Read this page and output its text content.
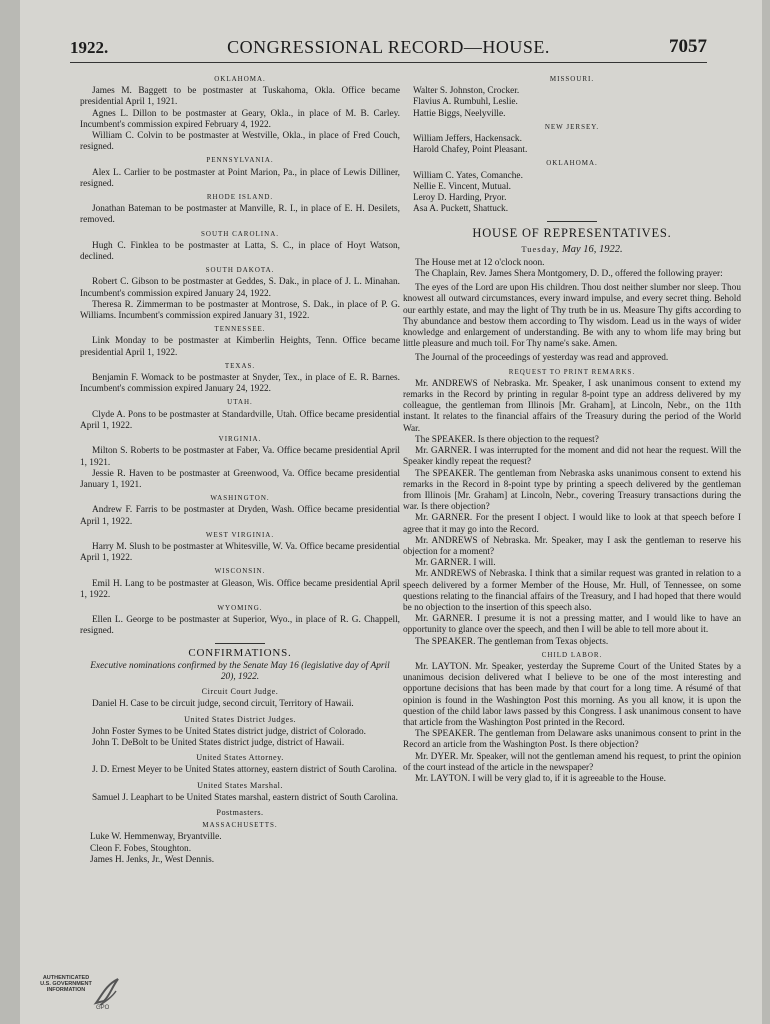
1922.	CONGRESSIONAL RECORD—HOUSE.	7057
OKLAHOMA.

James M. Baggett to be postmaster at Tuskahoma, Okla. Office became presidential April 1, 1921.

Agnes L. Dillon to be postmaster at Geary, Okla., in place of M. B. Carley. Incumbent's commission expired February 4, 1922.

William C. Colvin to be postmaster at Westville, Okla., in place of Fred Couch, resigned.

PENNSYLVANIA.

Alex L. Carlier to be postmaster at Point Marion, Pa., in place of Lewis Dilliner, resigned.

RHODE ISLAND.

Jonathan Bateman to be postmaster at Manville, R. I., in place of E. H. Desilets, removed.

SOUTH CAROLINA.

Hugh C. Finklea to be postmaster at Latta, S. C., in place of Hoyt Watson, declined.

SOUTH DAKOTA.

Robert C. Gibson to be postmaster at Geddes, S. Dak., in place of J. L. Minahan. Incumbent's commission expired January 24, 1922.

Theresa R. Zimmerman to be postmaster at Montrose, S. Dak., in place of P. G. Williams. Incumbent's commission expired January 31, 1922.

TENNESSEE.

Link Monday to be postmaster at Kimberlin Heights, Tenn. Office became presidential April 1, 1922.

TEXAS.

Benjamin F. Womack to be postmaster at Snyder, Tex., in place of E. R. Barnes. Incumbent's commission expired January 24, 1922.

UTAH.

Clyde A. Pons to be postmaster at Standardville, Utah. Office became presidential April 1, 1922.

VIRGINIA.

Milton S. Roberts to be postmaster at Faber, Va. Office became presidential April 1, 1921.

Jessie R. Haven to be postmaster at Greenwood, Va. Office became presidential January 1, 1921.

WASHINGTON.

Andrew F. Farris to be postmaster at Dryden, Wash. Office became presidential April 1, 1922.

WEST VIRGINIA.

Harry M. Slush to be postmaster at Whitesville, W. Va. Office became presidential April 1, 1922.

WISCONSIN.

Emil H. Lang to be postmaster at Gleason, Wis. Office became presidential April 1, 1922.

WYOMING.

Ellen L. George to be postmaster at Superior, Wyo., in place of R. G. Chappell, resigned.

CONFIRMATIONS.
Executive nominations confirmed by the Senate May 16 (legislative day of April 20), 1922.
Circuit Court Judge.

Daniel H. Case to be circuit judge, second circuit, Territory of Hawaii.

United States District Judges.

John Foster Symes to be United States district judge, district of Colorado.

John T. DeBolt to be United States district judge, district of Hawaii.

United States Attorney.

J. D. Ernest Meyer to be United States attorney, eastern district of South Carolina.

United States Marshal.

Samuel J. Leaphart to be United States marshal, eastern district of South Carolina.

Postmasters.
MASSACHUSETTS.

Luke W. Hemmenway, Bryantville.

Cleon F. Fobes, Stoughton.

James H. Jenks, Jr., West Dennis.

MISSOURI.

Walter S. Johnston, Crocker.

Flavius A. Rumbuhl, Leslie.

Hattie Biggs, Neelyville.

NEW JERSEY.

William Jeffers, Hackensack.

Harold Chafey, Point Pleasant.

OKLAHOMA.

William C. Yates, Comanche.

Nellie E. Vincent, Mutual.

Leroy D. Harding, Pryor.

Asa A. Puckett, Shattuck.

HOUSE OF REPRESENTATIVES.
Tuesday, May 16, 1922.

The House met at 12 o'clock noon.

The Chaplain, Rev. James Shera Montgomery, D. D., offered the following prayer:

The eyes of the Lord are upon His children. Thou dost neither slumber nor sleep. Thou knowest all outward circumstances, every inward impulse, and every secret thing. Behold our earthly estate, and may the light of Thy truth be in us. Measure Thy gifts according to Thy abundance and bestow them according to Thy wisdom. Lead us in the ways of wider knowledge and enlargement of understanding. Be with any to whom life may bring but little pleasure and much toil. For Thy name's sake. Amen.

The Journal of the proceedings of yesterday was read and approved.

REQUEST TO PRINT REMARKS.

Mr. ANDREWS of Nebraska. Mr. Speaker, I ask unanimous consent to extend my remarks in the Record by printing in regular 8-point type an address delivered by my colleague, the gentleman from Illinois [Mr. Graham], at Lincoln, Nebr., on the 11th instant. It relates to the financial affairs of the Treasury during the period of the World War.

The SPEAKER. Is there objection to the request?

Mr. GARNER. I was interrupted for the moment and did not hear the request. Will the Speaker kindly repeat the request?

The SPEAKER. The gentleman from Nebraska asks unanimous consent to extend his remarks in the Record in 8-point type by printing a speech delivered by the gentleman from Illinois [Mr. Graham] at Lincoln, Nebr., covering Treasury transactions during the war. Is there objection?

Mr. GARNER. For the present I object. I would like to look at that speech before I agree that it may go into the Record.

Mr. ANDREWS of Nebraska. Mr. Speaker, may I ask the gentleman to reserve his objection for a moment?

Mr. GARNER. I will.

Mr. ANDREWS of Nebraska. I think that a similar request was granted in relation to a speech delivered by a former Member of the House, Mr. Hull, of Tennessee, on some questions relating to the financial affairs of the Treasury, and I had hoped that there would be no objection to the insertion of this speech also.

Mr. GARNER. I presume it is not a pressing matter, and I would like to have an opportunity to glance over the speech, and then I will be able to tell more about it.

The SPEAKER. The gentleman from Texas objects.

CHILD LABOR.

Mr. LAYTON. Mr. Speaker, yesterday the Supreme Court of the United States by a unanimous decision delivered what I believe to be one of the most interesting and opportune decisions that has been made by that court for a long time. A résumé of that opinion is found in the Washington Post this morning. As you all know, it is upon the question of the child labor laws passed by this Congress. I ask unanimous consent to have that article from the Washington Post printed in the Record.

The SPEAKER. The gentleman from Delaware asks unanimous consent to print in the Record an article from the Washington Post. Is there objection?

Mr. DYER. Mr. Speaker, will not the gentleman amend his request, to print the opinion of the court instead of the article in the newspaper?

Mr. LAYTON. I will be very glad to, if it is agreeable to the House.

AUTHENTICATED U.S. GOVERNMENT INFORMATION
GPO
